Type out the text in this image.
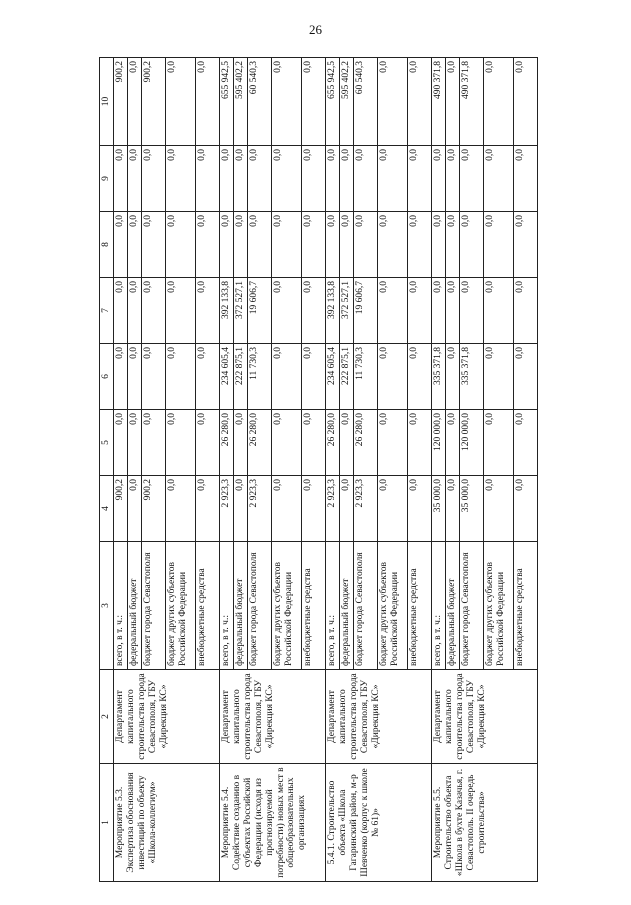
26
1	2	3	4	5	6	7	8	9	10
Мероприятие 5.3. Экспертиза обоснования инвестиций по объекту «Школа-коллегиум»	Департамент капитального строительства города Севастополя, ГБУ «Дирекция КС»	всего, в т. ч.:	900,2	0,0	0,0	0,0	0,0	0,0	900,2
		федеральный бюджет	0,0	0,0	0,0	0,0	0,0	0,0	0,0
		бюджет города Севастополя	900,2	0,0	0,0	0,0	0,0	0,0	900,2
		бюджет других субъектов Российской Федерации	0,0	0,0	0,0	0,0	0,0	0,0	0,0
		внебюджетные средства	0,0	0,0	0,0	0,0	0,0	0,0	0,0
Мероприятие 5.4. Содействие созданию в субъектах Российской Федерации (исходя из прогнозируемой потребности) новых мест в общеобразовательных организациях	Департамент капитального строительства города Севастополя, ГБУ «Дирекция КС»	всего, в т. ч.:	2 923,3	26 280,0	234 605,4	392 133,8	0,0	0,0	655 942,5
		федеральный бюджет	0,0	0,0	222 875,1	372 527,1	0,0	0,0	595 402,2
		бюджет города Севастополя	2 923,3	26 280,0	11 730,3	19 606,7	0,0	0,0	60 540,3
		бюджет других субъектов Российской Федерации	0,0	0,0	0,0	0,0	0,0	0,0	0,0
		внебюджетные средства	0,0	0,0	0,0	0,0	0,0	0,0	0,0
5.4.1. Строительство объекта «Школа Гагаринский район, м-р Шевченко (корпус к школе № 61)»	Департамент капитального строительства города Севастополя, ГБУ «Дирекция КС»	всего, в т. ч.:	2 923,3	26 280,0	234 605,4	392 133,8	0,0	0,0	655 942,5
		федеральный бюджет	0,0	0,0	222 875,1	372 527,1	0,0	0,0	595 402,2
		бюджет города Севастополя	2 923,3	26 280,0	11 730,3	19 606,7	0,0	0,0	60 540,3
		бюджет других субъектов Российской Федерации	0,0	0,0	0,0	0,0	0,0	0,0	0,0
		внебюджетные средства	0,0	0,0	0,0	0,0	0,0	0,0	0,0
Мероприятие 5.5. Строительство объекта «Школа в бухте Казачья, г. Севастополь. II очередь строительства»	Департамент капитального строительства города Севастополя, ГБУ «Дирекция КС»	всего, в т. ч.:	35 000,0	120 000,0	335 371,8	0,0	0,0	0,0	490 371,8
		федеральный бюджет	0,0	0,0	0,0	0,0	0,0	0,0	0,0
		бюджет города Севастополя	35 000,0	120 000,0	335 371,8	0,0	0,0	0,0	490 371,8
		бюджет других субъектов Российской Федерации	0,0	0,0	0,0	0,0	0,0	0,0	0,0
		внебюджетные средства	0,0	0,0	0,0	0,0	0,0	0,0	0,0
